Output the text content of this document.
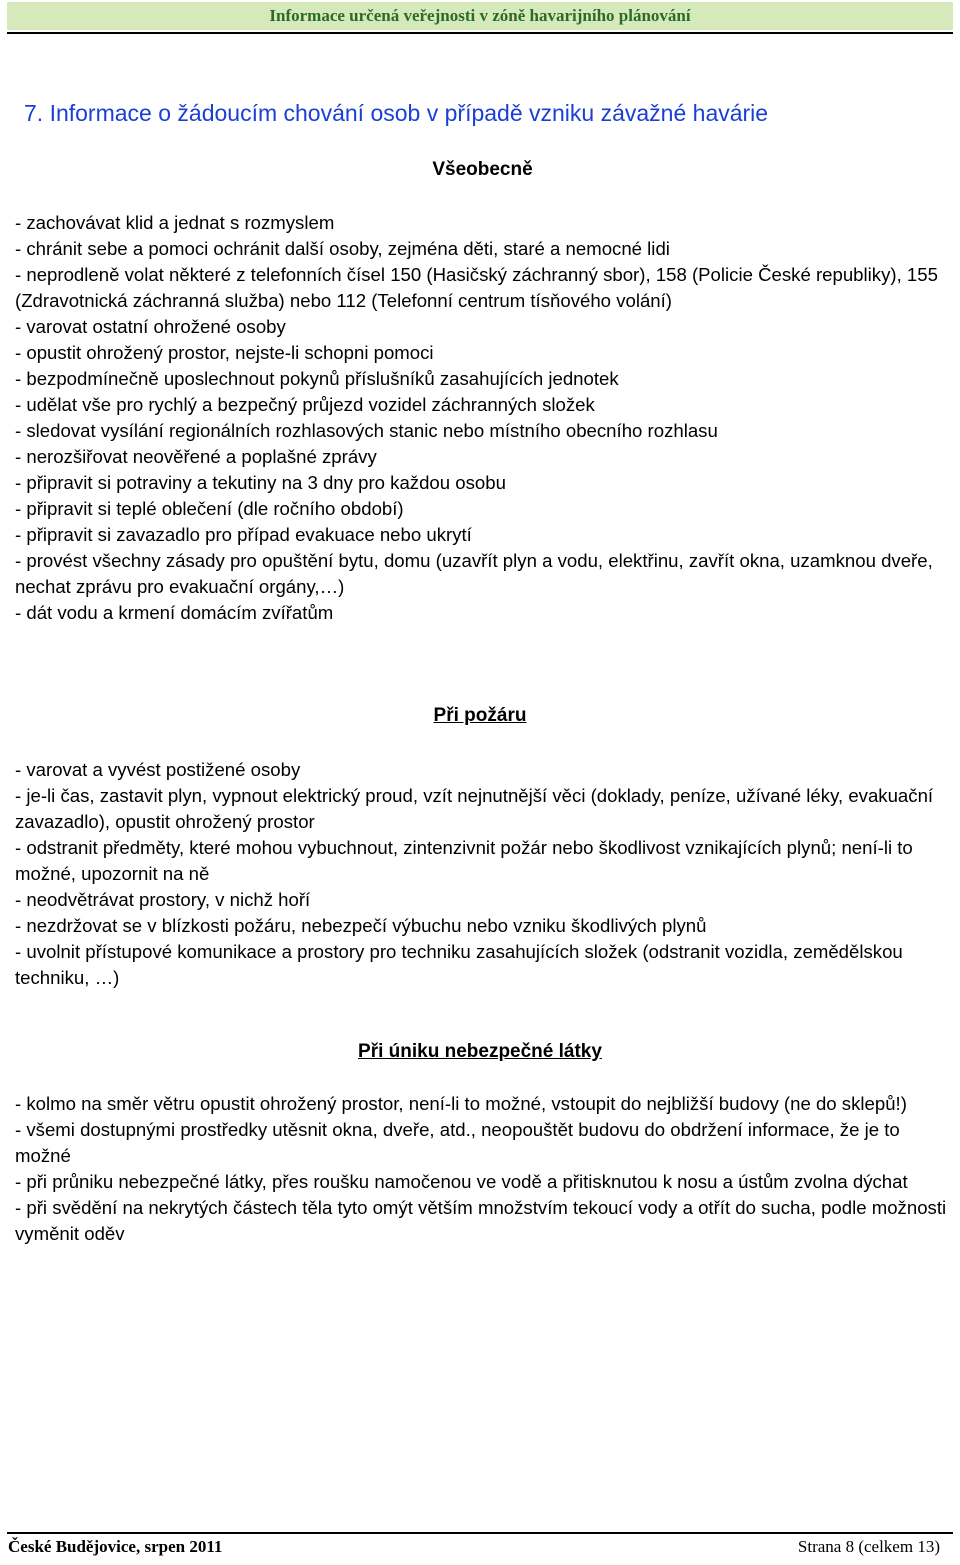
Informace určená veřejnosti v zóně havarijního plánování
7. Informace o žádoucím chování osob v případě vzniku závažné havárie
Všeobecně
- zachovávat klid a jednat s rozmyslem
- chránit sebe a pomoci ochránit další osoby, zejména děti, staré a nemocné lidi
- neprodleně volat některé z telefonních čísel 150 (Hasičský záchranný sbor), 158 (Policie České republiky), 155 (Zdravotnická záchranná služba) nebo 112 (Telefonní centrum tísňového volání)
- varovat ostatní ohrožené osoby
- opustit ohrožený prostor, nejste-li schopni pomoci
- bezpodmínečně uposlechnout pokynů příslušníků zasahujících jednotek
- udělat vše pro rychlý a bezpečný průjezd vozidel záchranných složek
- sledovat vysílání regionálních rozhlasových stanic nebo místního obecního rozhlasu
- nerozšiřovat neověřené a poplašné zprávy
- připravit si potraviny a tekutiny na 3 dny pro každou osobu
- připravit si teplé oblečení (dle ročního období)
- připravit si zavazadlo pro případ evakuace nebo ukrytí
- provést všechny zásady pro opuštění bytu, domu (uzavřít plyn a vodu, elektřinu, zavřít okna, uzamknou dveře, nechat zprávu pro evakuační orgány,…)
- dát vodu a krmení domácím zvířatům
Při požáru
- varovat a vyvést postižené osoby
- je-li čas, zastavit plyn, vypnout elektrický proud, vzít nejnutnější věci (doklady, peníze, užívané léky, evakuační zavazadlo), opustit ohrožený prostor
- odstranit předměty, které mohou vybuchnout, zintenzivnit požár nebo škodlivost vznikajících plynů; není-li to možné, upozornit na ně
- neodvětrávat prostory, v nichž hoří
- nezdržovat se v blízkosti požáru, nebezpečí výbuchu nebo vzniku škodlivých plynů
- uvolnit přístupové komunikace a prostory pro techniku zasahujících složek (odstranit vozidla, zemědělskou techniku, …)
Při úniku nebezpečné látky
- kolmo na směr větru opustit ohrožený prostor, není-li to možné, vstoupit do nejbližší budovy (ne do sklepů!)
- všemi dostupnými prostředky utěsnit okna, dveře, atd., neopouštět budovu do obdržení informace, že je to možné
- při průniku nebezpečné látky, přes roušku namočenou ve vodě a přitisknutou k nosu a ústům zvolna dýchat
- při svědění na nekrytých částech těla tyto omýt větším množstvím tekoucí vody a otřít do sucha, podle možnosti vyměnit oděv
České Budějovice, srpen 2011	Strana 8 (celkem 13)
